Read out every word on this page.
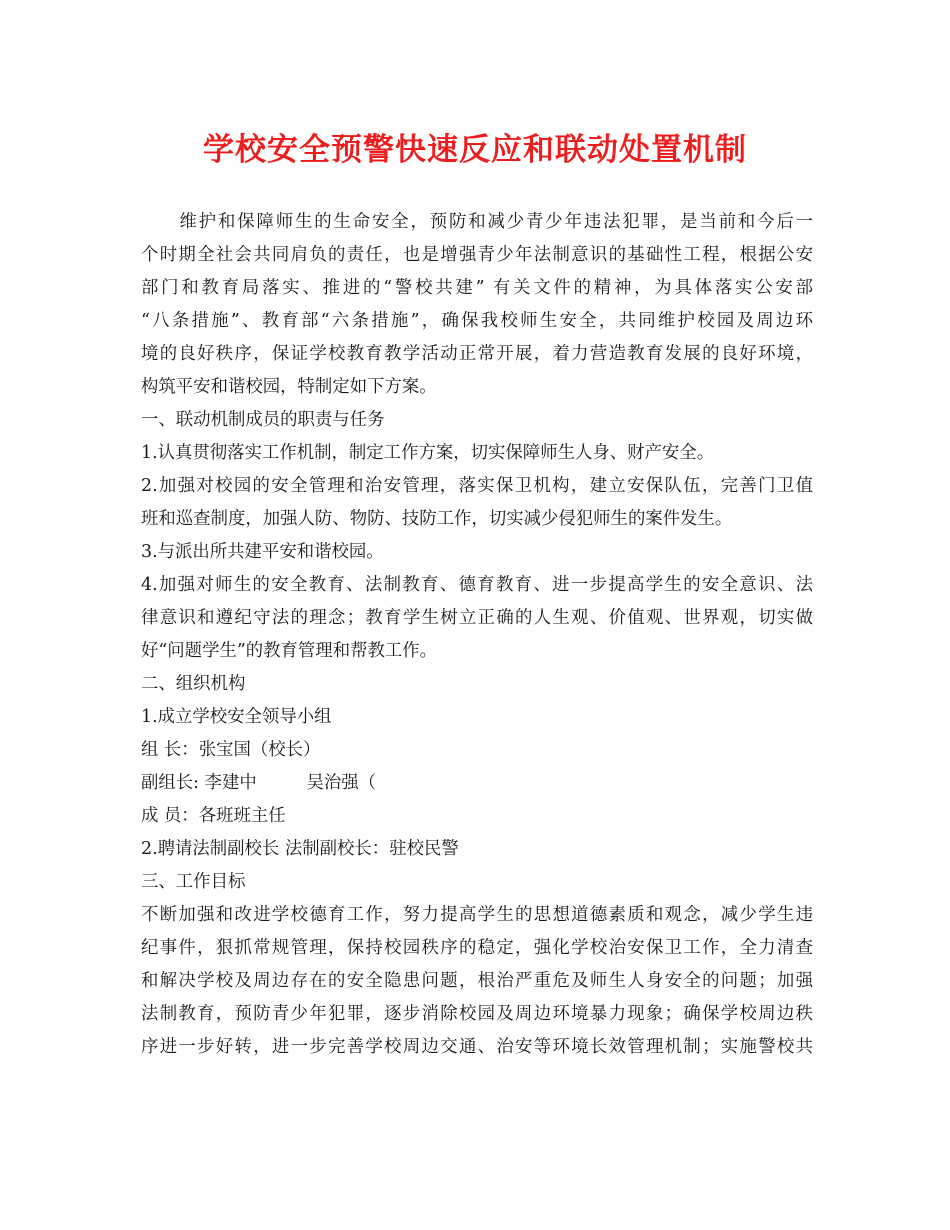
学校安全预警快速反应和联动处置机制
　　维护和保障师生的生命安全，预防和减少青少年违法犯罪，是当前和今后一
个时期全社会共同肩负的责任，也是增强青少年法制意识的基础性工程，根据公安
部门和教育局落实、推进的“警校共建” 有关文件的精神，为具体落实公安部
“八条措施”、教育部“六条措施”，确保我校师生安全，共同维护校园及周边环
境的良好秩序，保证学校教育教学活动正常开展，着力营造教育发展的良好环境，
构筑平安和谐校园，特制定如下方案。
一、联动机制成员的职责与任务
1.认真贯彻落实工作机制，制定工作方案，切实保障师生人身、财产安全。
2.加强对校园的安全管理和治安管理，落实保卫机构，建立安保队伍，完善门卫值
班和巡查制度，加强人防、物防、技防工作，切实减少侵犯师生的案件发生。
3.与派出所共建平安和谐校园。
4.加强对师生的安全教育、法制教育、德育教育、进一步提高学生的安全意识、法
律意识和遵纪守法的理念；教育学生树立正确的人生观、价值观、世界观，切实做
好“问题学生”的教育管理和帮教工作。
二、组织机构
1.成立学校安全领导小组
组 长：张宝国（校长）
副组长: 李建中         吴治强（
成 员：各班班主任
2.聘请法制副校长 法制副校长：驻校民警
三、工作目标
不断加强和改进学校德育工作，努力提高学生的思想道德素质和观念，减少学生违
纪事件，狠抓常规管理，保持校园秩序的稳定，强化学校治安保卫工作，全力清查
和解决学校及周边存在的安全隐患问题，根治严重危及师生人身安全的问题；加强
法制教育，预防青少年犯罪，逐步消除校园及周边环境暴力现象；确保学校周边秩
序进一步好转，进一步完善学校周边交通、治安等环境长效管理机制；实施警校共
